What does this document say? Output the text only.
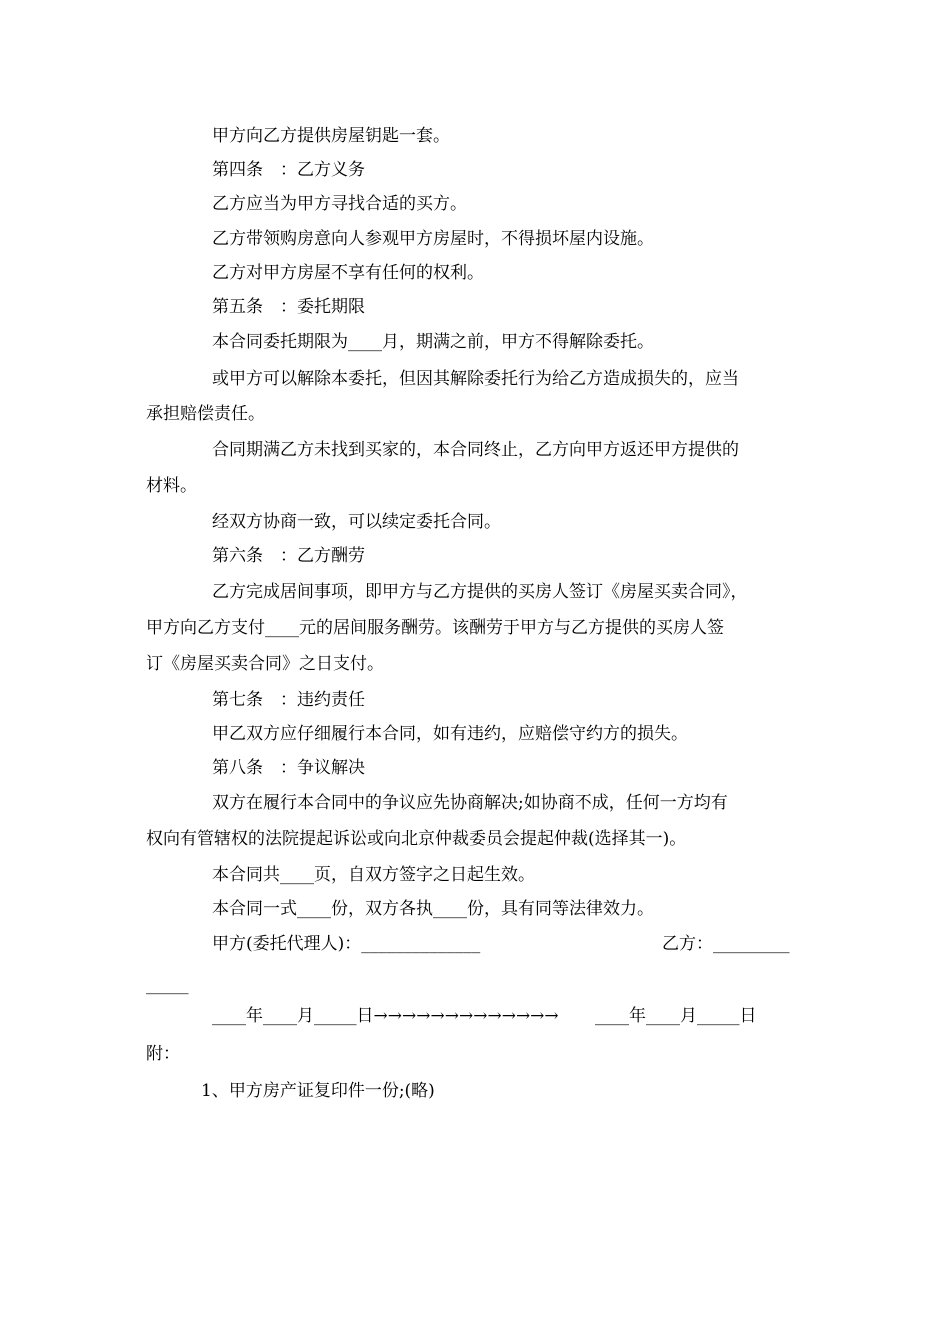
甲方向乙方提供房屋钥匙一套。
第四条　：乙方义务
乙方应当为甲方寻找合适的买方。
乙方带领购房意向人参观甲方房屋时，不得损坏屋内设施。
乙方对甲方房屋不享有任何的权利。
第五条　：委托期限
本合同委托期限为____月，期满之前，甲方不得解除委托。
或甲方可以解除本委托，但因其解除委托行为给乙方造成损失的，应当
承担赔偿责任。
合同期满乙方未找到买家的，本合同终止，乙方向甲方返还甲方提供的
材料。
经双方协商一致，可以续定委托合同。
第六条　：乙方酬劳
乙方完成居间事项，即甲方与乙方提供的买房人签订《房屋买卖合同》，
甲方向乙方支付____元的居间服务酬劳。该酬劳于甲方与乙方提供的买房人签
订《房屋买卖合同》之日支付。
第七条　：违约责任
甲乙双方应仔细履行本合同，如有违约，应赔偿守约方的损失。
第八条　：争议解决
双方在履行本合同中的争议应先协商解决;如协商不成，任何一方均有
权向有管辖权的法院提起诉讼或向北京仲裁委员会提起仲裁(选择其一)。
本合同共____页，自双方签字之日起生效。
本合同一式____份，双方各执____份，具有同等法律效力。
甲方(委托代理人)：______________	乙方：_________
_____
____年____月_____日→→→→→→→→→→→→→	____年____月_____日
附：
1、甲方房产证复印件一份;(略)
